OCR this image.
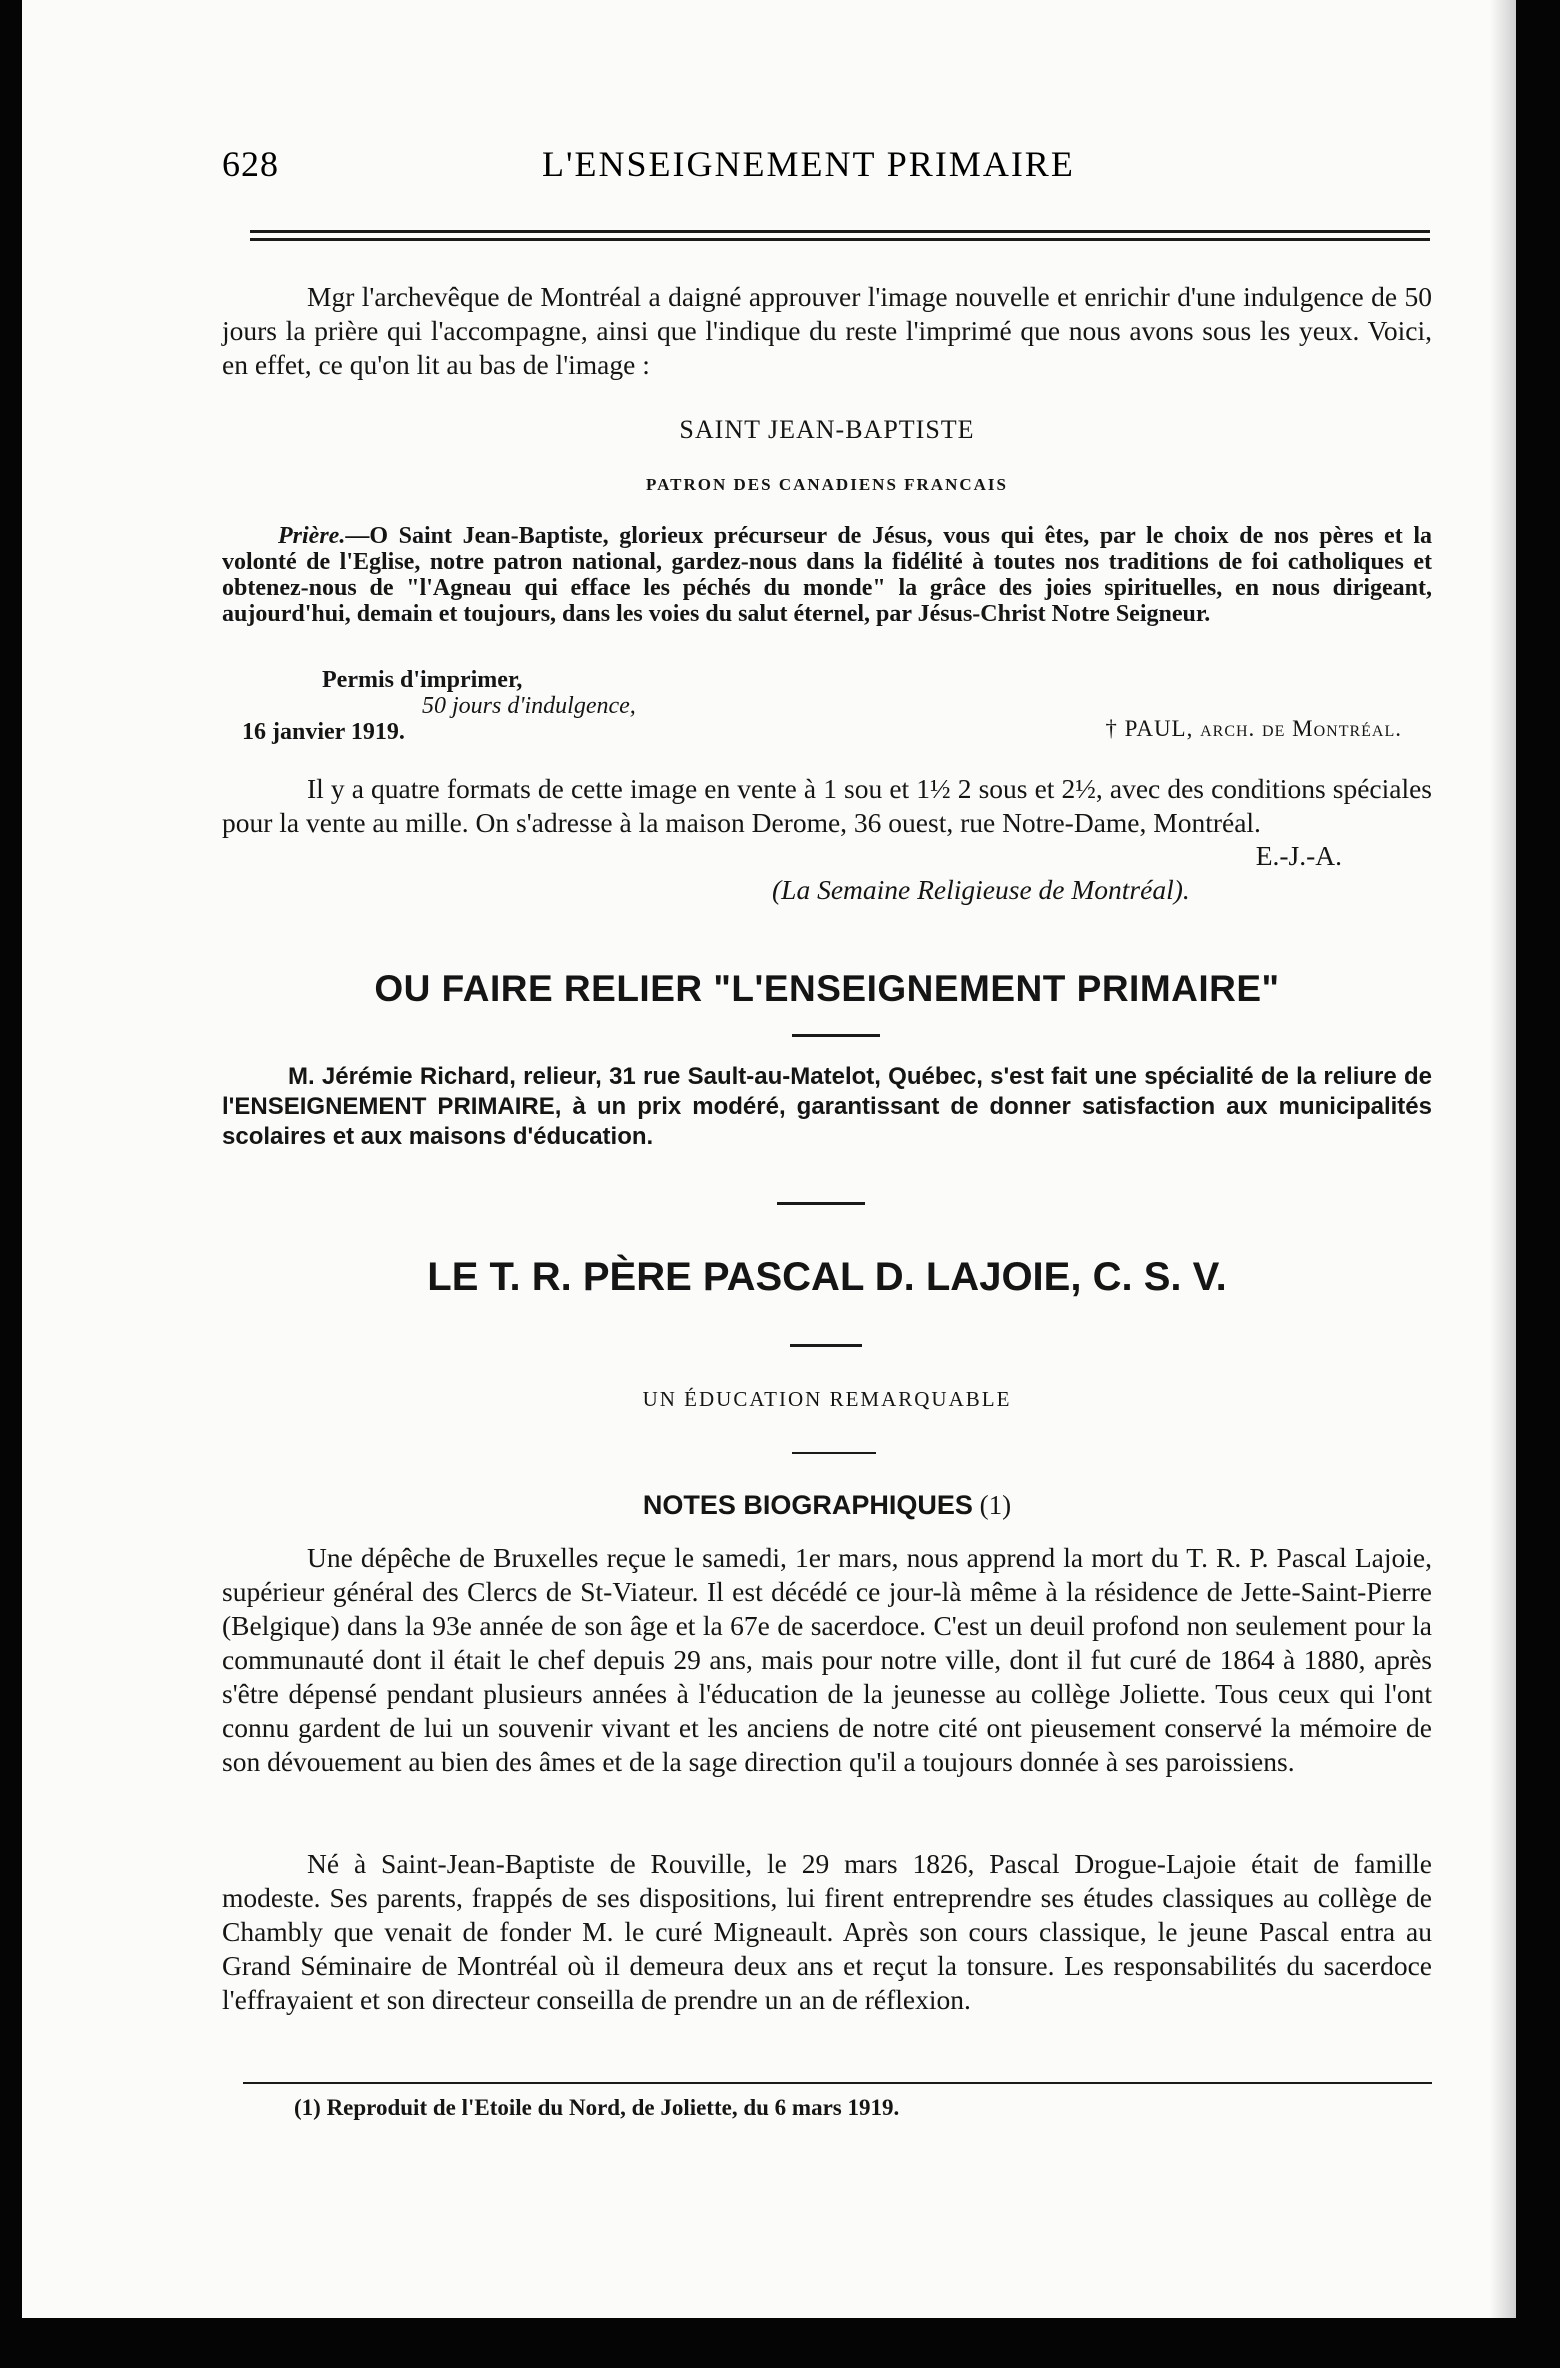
628	L'ENSEIGNEMENT PRIMAIRE

Mgr l'archevêque de Montréal a daigné approuver l'image nouvelle et enrichir d'une indulgence de 50 jours la prière qui l'accompagne, ainsi que l'indique du reste l'imprimé que nous avons sous les yeux. Voici, en effet, ce qu'on lit au bas de l'image :

SAINT JEAN-BAPTISTE
PATRON DES CANADIENS FRANCAIS

Prière.—O Saint Jean-Baptiste, glorieux précurseur de Jésus, vous qui êtes, par le choix de nos pères et la volonté de l'Eglise, notre patron national, gardez-nous dans la fidélité à toutes nos traditions de foi catholiques et obtenez-nous de "l'Agneau qui efface les péchés du monde" la grâce des joies spirituelles, en nous dirigeant, aujourd'hui, demain et toujours, dans les voies du salut éternel, par Jésus-Christ Notre Seigneur.

Permis d'imprimer,
50 jours d'indulgence,
16 janvier 1919.	† PAUL, arch. de Montréal.

Il y a quatre formats de cette image en vente à 1 sou et 1½ 2 sous et 2½, avec des conditions spéciales pour la vente au mille. On s'adresse à la maison Derome, 36 ouest, rue Notre-Dame, Montréal.

E.-J.-A.
(La Semaine Religieuse de Montréal).
OU FAIRE RELIER "L'ENSEIGNEMENT PRIMAIRE"

M. Jérémie Richard, relieur, 31 rue Sault-au-Matelot, Québec, s'est fait une spécialité de la reliure de l'ENSEIGNEMENT PRIMAIRE, à un prix modéré, garantissant de donner satisfaction aux municipalités scolaires et aux maisons d'éducation.

LE T. R. PÈRE PASCAL D. LAJOIE, C. S. V.
UN ÉDUCATION REMARQUABLE
NOTES BIOGRAPHIQUES (1)

Une dépêche de Bruxelles reçue le samedi, 1er mars, nous apprend la mort du T. R. P. Pascal Lajoie, supérieur général des Clercs de St-Viateur. Il est décédé ce jour-là même à la résidence de Jette-Saint-Pierre (Belgique) dans la 93e année de son âge et la 67e de sacerdoce. C'est un deuil profond non seulement pour la communauté dont il était le chef depuis 29 ans, mais pour notre ville, dont il fut curé de 1864 à 1880, après s'être dépensé pendant plusieurs années à l'éducation de la jeunesse au collège Joliette. Tous ceux qui l'ont connu gardent de lui un souvenir vivant et les anciens de notre cité ont pieusement conservé la mémoire de son dévouement au bien des âmes et de la sage direction qu'il a toujours donnée à ses paroissiens.

Né à Saint-Jean-Baptiste de Rouville, le 29 mars 1826, Pascal Drogue-Lajoie était de famille modeste. Ses parents, frappés de ses dispositions, lui firent entreprendre ses études classiques au collège de Chambly que venait de fonder M. le curé Migneault. Après son cours classique, le jeune Pascal entra au Grand Séminaire de Montréal où il demeura deux ans et reçut la tonsure. Les responsabilités du sacerdoce l'effrayaient et son directeur conseilla de prendre un an de réflexion.

(1) Reproduit de l'Etoile du Nord, de Joliette, du 6 mars 1919.
